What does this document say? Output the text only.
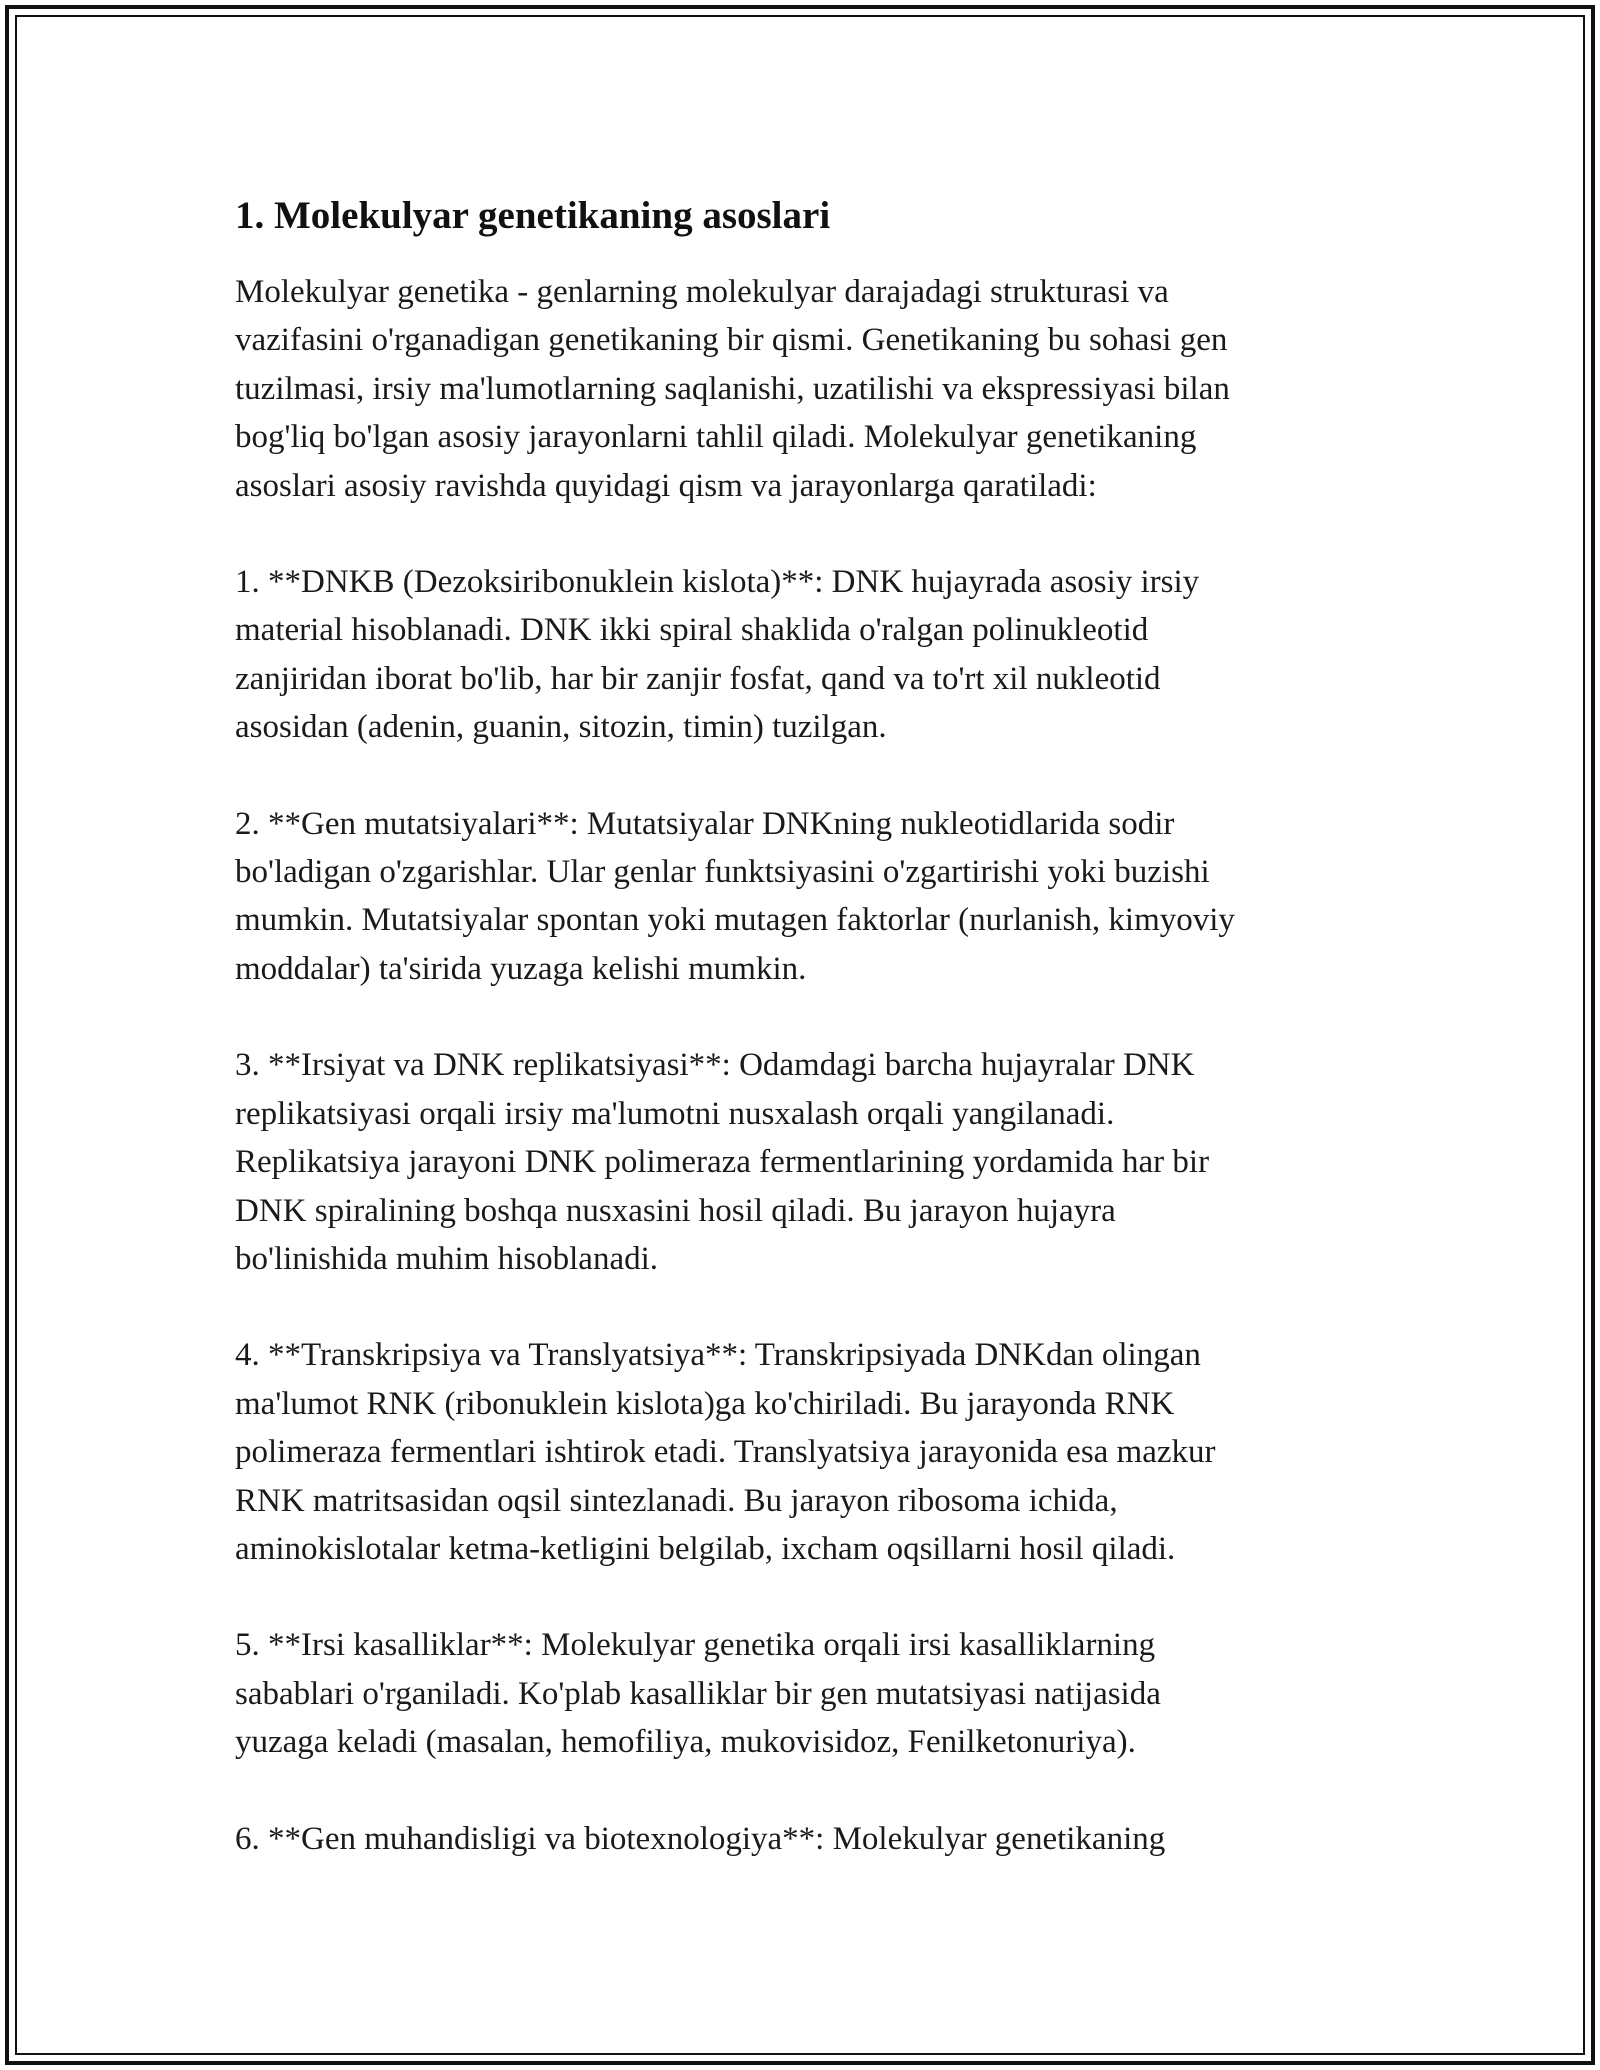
1. Molekulyar genetikaning asoslari

Molekulyar genetika - genlarning molekulyar darajadagi strukturasi va
vazifasini o'rganadigan genetikaning bir qismi. Genetikaning bu sohasi gen
tuzilmasi, irsiy ma'lumotlarning saqlanishi, uzatilishi va ekspressiyasi bilan
bog'liq bo'lgan asosiy jarayonlarni tahlil qiladi. Molekulyar genetikaning
asoslari asosiy ravishda quyidagi qism va jarayonlarga qaratiladi:

1. **DNKB (Dezoksiribonuklein kislota)**: DNK hujayrada asosiy irsiy
material hisoblanadi. DNK ikki spiral shaklida o'ralgan polinukleotid
zanjiridan iborat bo'lib, har bir zanjir fosfat, qand va to'rt xil nukleotid
asosidan (adenin, guanin, sitozin, timin) tuzilgan.

2. **Gen mutatsiyalari**: Mutatsiyalar DNKning nukleotidlarida sodir
bo'ladigan o'zgarishlar. Ular genlar funktsiyasini o'zgartirishi yoki buzishi
mumkin. Mutatsiyalar spontan yoki mutagen faktorlar (nurlanish, kimyoviy
moddalar) ta'sirida yuzaga kelishi mumkin.

3. **Irsiyat va DNK replikatsiyasi**: Odamdagi barcha hujayralar DNK
replikatsiyasi orqali irsiy ma'lumotni nusxalash orqali yangilanadi.
Replikatsiya jarayoni DNK polimeraza fermentlarining yordamida har bir
DNK spiralining boshqa nusxasini hosil qiladi. Bu jarayon hujayra
bo'linishida muhim hisoblanadi.

4. **Transkripsiya va Translyatsiya**: Transkripsiyada DNKdan olingan
ma'lumot RNK (ribonuklein kislota)ga ko'chiriladi. Bu jarayonda RNK
polimeraza fermentlari ishtirok etadi. Translyatsiya jarayonida esa mazkur
RNK matritsasidan oqsil sintezlanadi. Bu jarayon ribosoma ichida,
aminokislotalar ketma-ketligini belgilab, ixcham oqsillarni hosil qiladi.

5. **Irsi kasalliklar**: Molekulyar genetika orqali irsi kasalliklarning
sabablari o'rganiladi. Ko'plab kasalliklar bir gen mutatsiyasi natijasida
yuzaga keladi (masalan, hemofiliya, mukovisidoz, Fenilketonuriya).

6. **Gen muhandisligi va biotexnologiya**: Molekulyar genetikaning
